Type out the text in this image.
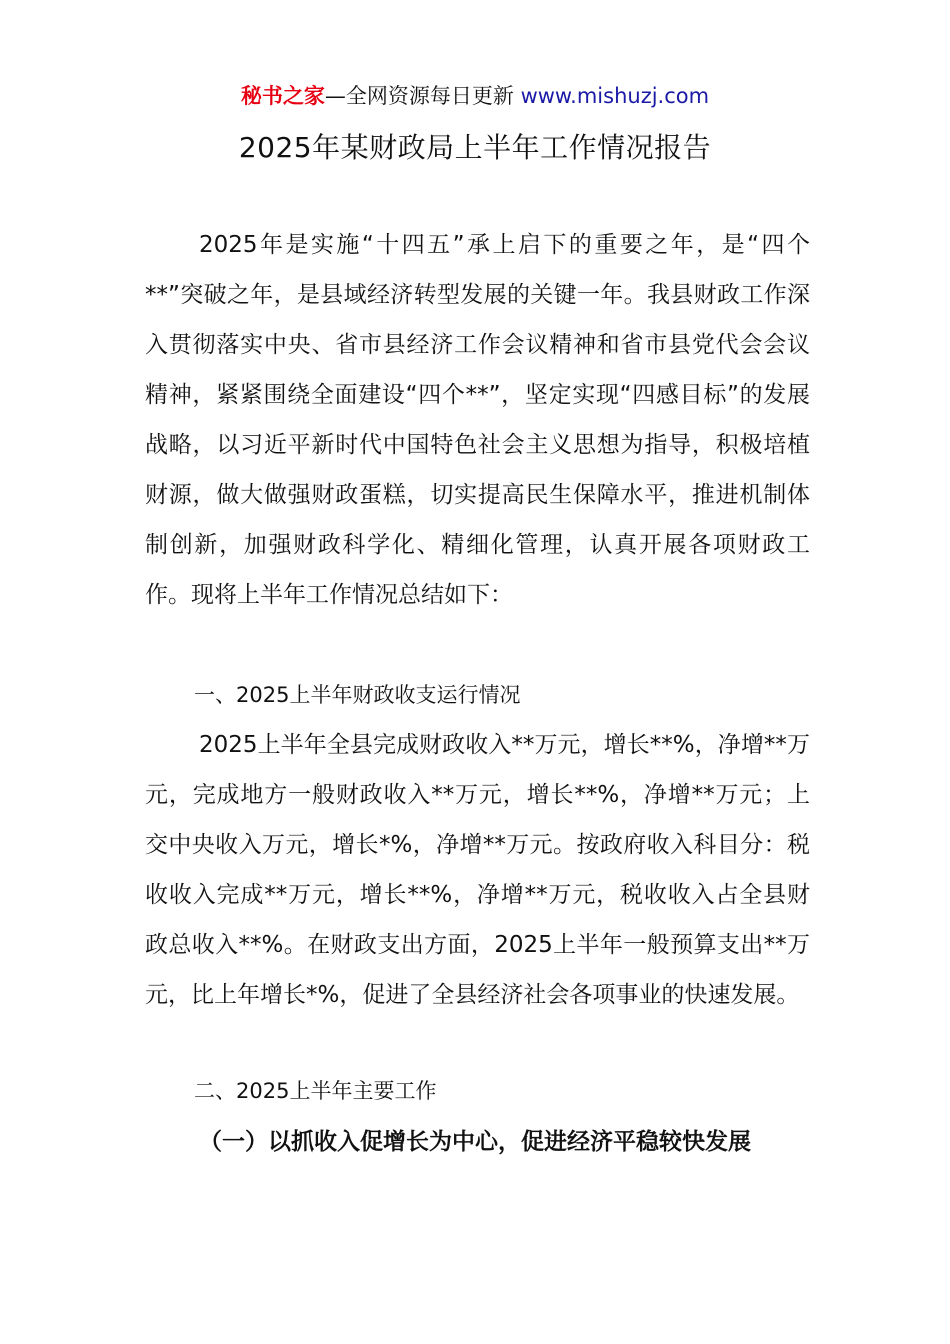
秘书之家—全网资源每日更新 www.mishuzj.com
2025年某财政局上半年工作情况报告

2025年是实施“十四五”承上启下的重要之年，是“四个**”突破之年，是县域经济转型发展的关键一年。我县财政工作深入贯彻落实中央、省市县经济工作会议精神和省市县党代会会议精神，紧紧围绕全面建设“四个**”，坚定实现“四感目标”的发展战略，以习近平新时代中国特色社会主义思想为指导，积极培植财源，做大做强财政蛋糕，切实提高民生保障水平，推进机制体制创新，加强财政科学化、精细化管理，认真开展各项财政工作。现将上半年工作情况总结如下：

一、2025上半年财政收支运行情况

2025上半年全县完成财政收入**万元，增长**%，净增**万元，完成地方一般财政收入**万元，增长**%，净增**万元；上交中央收入万元，增长*%，净增**万元。按政府收入科目分：税收收入完成**万元，增长**%，净增**万元，税收收入占全县财政总收入**%。在财政支出方面，2025上半年一般预算支出**万元，比上年增长*%，促进了全县经济社会各项事业的快速发展。

二、2025上半年主要工作

（一）以抓收入促增长为中心，促进经济平稳较快发展
